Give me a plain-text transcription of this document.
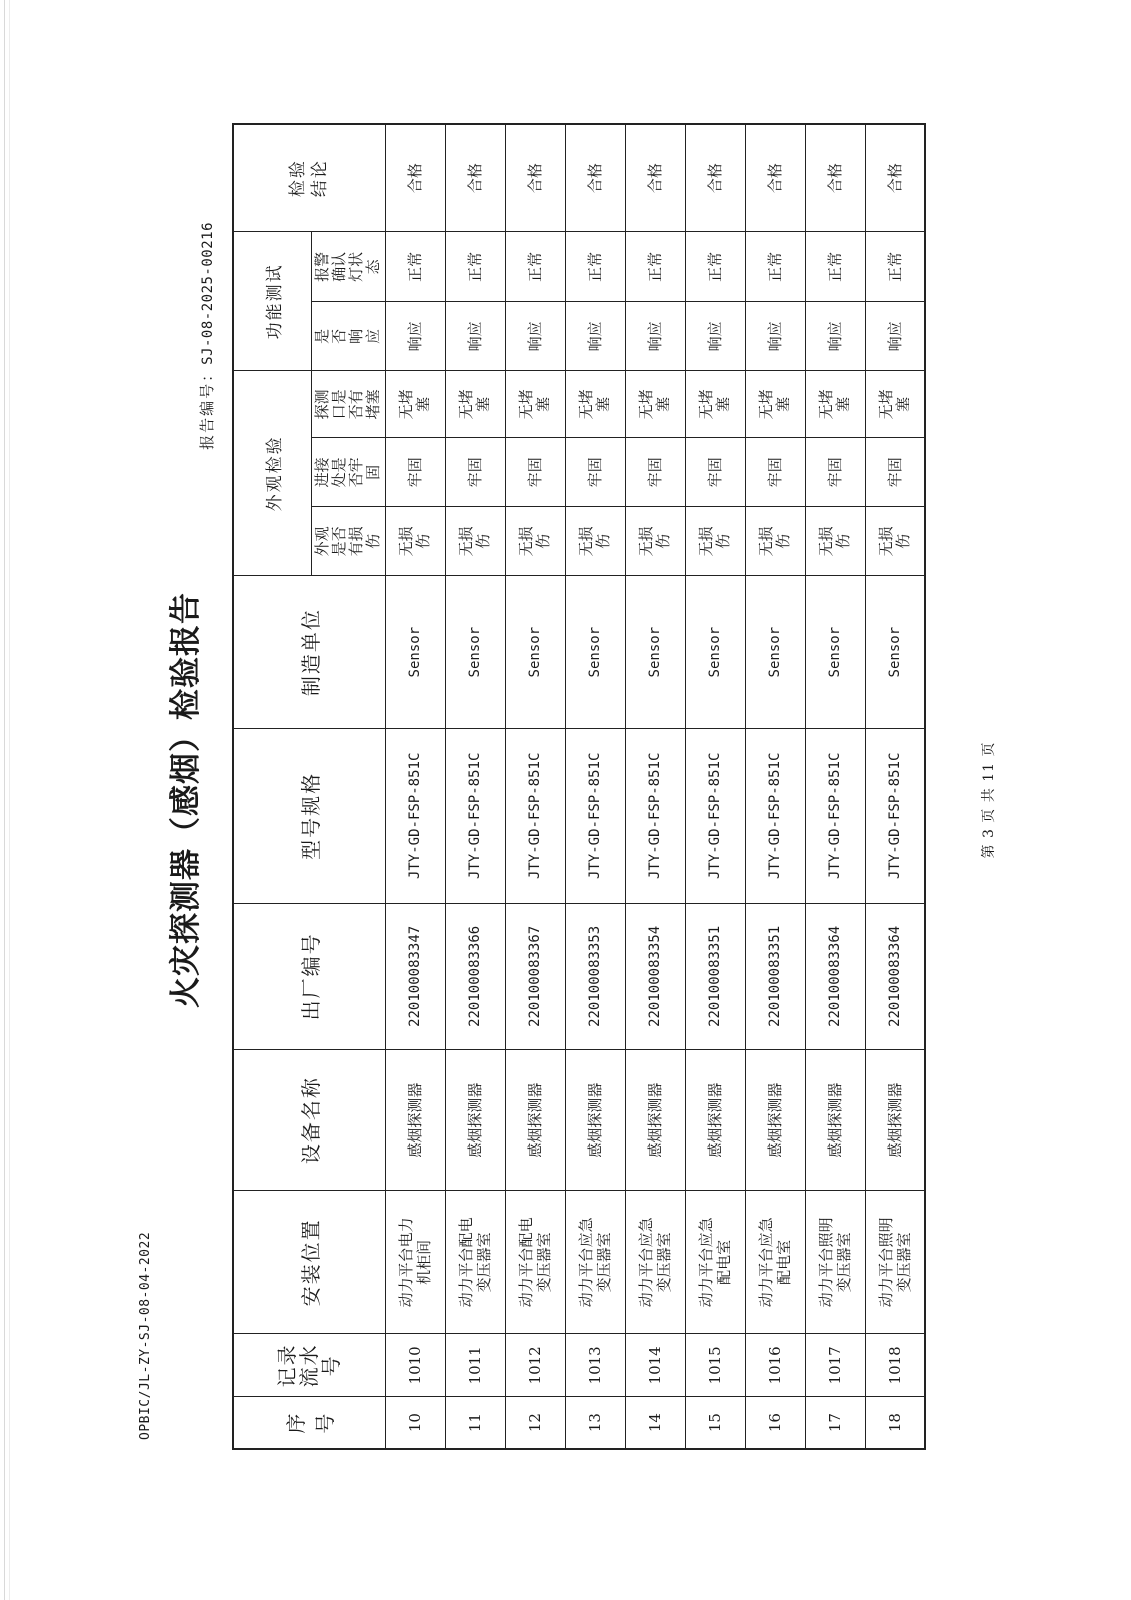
OPBIC/JL-ZY-SJ-08-04-2022
火灾探测器（感烟）检验报告
报告编号：SJ-08-2025-00216
序号	记录流水号	安装位置	设备名称	出厂编号	型号规格	制造单位	外观检验			功能测试		检验结论
							外观是否有损伤	进接处是否牢固	探测口是否有堵塞	是否响应	报警确认灯状态	
10	1010	动力平台电力机柜间	感烟探测器	220100083347	JTY-GD-FSP-851C	Sensor	无损伤	牢固	无堵塞	响应	正常	合格
11	1011	动力平台配电变压器室	感烟探测器	220100083366	JTY-GD-FSP-851C	Sensor	无损伤	牢固	无堵塞	响应	正常	合格
12	1012	动力平台配电变压器室	感烟探测器	220100083367	JTY-GD-FSP-851C	Sensor	无损伤	牢固	无堵塞	响应	正常	合格
13	1013	动力平台应急变压器室	感烟探测器	220100083353	JTY-GD-FSP-851C	Sensor	无损伤	牢固	无堵塞	响应	正常	合格
14	1014	动力平台应急变压器室	感烟探测器	220100083354	JTY-GD-FSP-851C	Sensor	无损伤	牢固	无堵塞	响应	正常	合格
15	1015	动力平台应急配电室	感烟探测器	220100083351	JTY-GD-FSP-851C	Sensor	无损伤	牢固	无堵塞	响应	正常	合格
16	1016	动力平台应急配电室	感烟探测器	220100083351	JTY-GD-FSP-851C	Sensor	无损伤	牢固	无堵塞	响应	正常	合格
17	1017	动力平台照明变压器室	感烟探测器	220100083364	JTY-GD-FSP-851C	Sensor	无损伤	牢固	无堵塞	响应	正常	合格
18	1018	动力平台照明变压器室	感烟探测器	220100083364	JTY-GD-FSP-851C	Sensor	无损伤	牢固	无堵塞	响应	正常	合格
第 3 页 共 11 页
